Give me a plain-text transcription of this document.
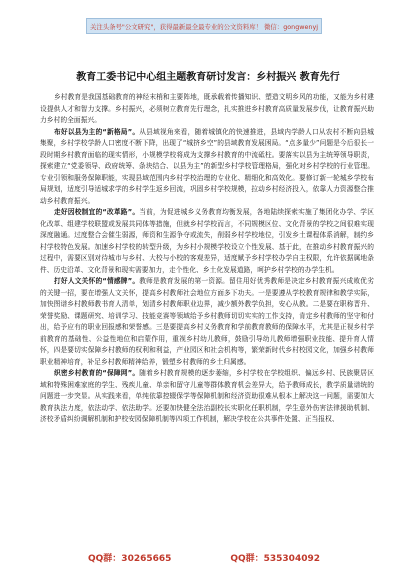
关注头条号"公文研究"，获得最新最全最专业的公文资料库！ 微信：gongwenyj
教育工委书记中心组主题教育研讨发言：乡村振兴 教育先行

乡村教育是我国基础教育的神经末梢和主要阵地，既承载着传播知识、塑造文明乡风的功能，又能为乡村建设提供人才和智力支撑。乡村振兴，必须树立教育先行理念，扎实推进乡村教育高质量发展步伐，让教育振兴助力乡村的全面振兴。

布好以县为主的“新格局”。从县域视角来看，随着城镇化的快速推进，县域内学龄人口从农村不断向县城集聚，乡村学校学龄人口密度不断下降，出现了“城挤乡空”的县域教育发展困局。“点多量少”问题是今后很长一段时期乡村教育面临的现实情形，小规模学校将成为支撑乡村教育的中流砥柱。要落实以县为主统筹领导职责，探索建立“党委领导、政府统筹、条块结合、以县为主”的新型乡村学校管理格局，强化对乡村学校的行业管理。专业引领和服务保障职能，实现县域范围内乡村学校治理的专业化、精细化和高效化。要修订新一轮城乡学校布局规划，适度引导适城求学的乡村学生返乡回流，巩固乡村学校规模，拉动乡村经济投入，依靠人力资源整合推动乡村教育振兴。

走好因校制宜的“改革路”。当前，为促进城乡义务教育均衡发展，各地陆续探索实施了集团化办学、学区化改革、组建学校联盟或发展共同体等措施，但就乡村学校而言，不同规模区位、文化背景的学校之间很难实现深度融通。过度整合会催生弱源，师资和生源争夺或流失，削弱乡村学校地位，引发乡土课程体系消解，制约乡村学校特色发展。加速乡村学校的转型升级，为乡村小规模学校设立个性发展、基于此，在推动乡村教育振兴的过程中，需要区别对待城市与乡村、大校与小校的客观差异，适度赋予乡村学校办学自主权限，允许依据属地条件、历史沿革、文化背景和现实需要加力，走个性化、乡土化发展道路，呵护乡村学校的办学生机。

打好人文关怀的“情感牌”。教师是教育发展的第一资源。留住用好优秀教师是决定乡村教育振兴成败优劣的关键一招，要在增强人文关怀，提高乡村教师社会地位方面多下功夫。一是要遵从学校教育规律和教学实际，加快图谱乡村教师教书育人清单，划清乡村教师职业边界，减少额外教学负担，安心从教。二是要在职称晋升、荣誉奖励、课题研究、培训学习、技能竞赛等领域给予乡村教师切切实实的工作支持，肯定乡村教师的坚守和付出，给予应有的职业回报感和荣誉感。三是要提高乡村义务教育和学前教育教师的保障水平，尤其是正视乡村学前教育的基础性、公益性地位和启蒙作用，重视乡村幼儿教师，鼓励引导幼儿教师增强职业技能、提升育人情怀，四是要切实保障乡村教师的权利和利益，产业园区和社会机构等，繁荣新时代乡村校园文化，加强乡村教师职业精神培育，补足乡村教师精神给养，锻塑乡村教师的乡土归属感。

织密乡村教育的“保障网”。随着乡村教育规模的逐步萎缩，乡村学校在学校组织、偏远乡村、民族聚居区域和特殊困难家庭的学生、残疾儿童、单亲和留守儿童等群体教育机会差异大，给予教师成长，教学质量谱统的问题进一步突显。从实践来看，单纯依靠控辍保学等保障机制和经济资助很难从根本上解决这一问题，需要加大教育执法力度，依法动学、依法助学。还要加快健全法治副校长实职化任职机制，学生意外伤害法律援助机制、济校矛盾纠纷调解机制和护校安园保障机制等四项工作机制，解决学校在公共事件处置、正当报权、

QQ群：30265665	QQ群：535304092
